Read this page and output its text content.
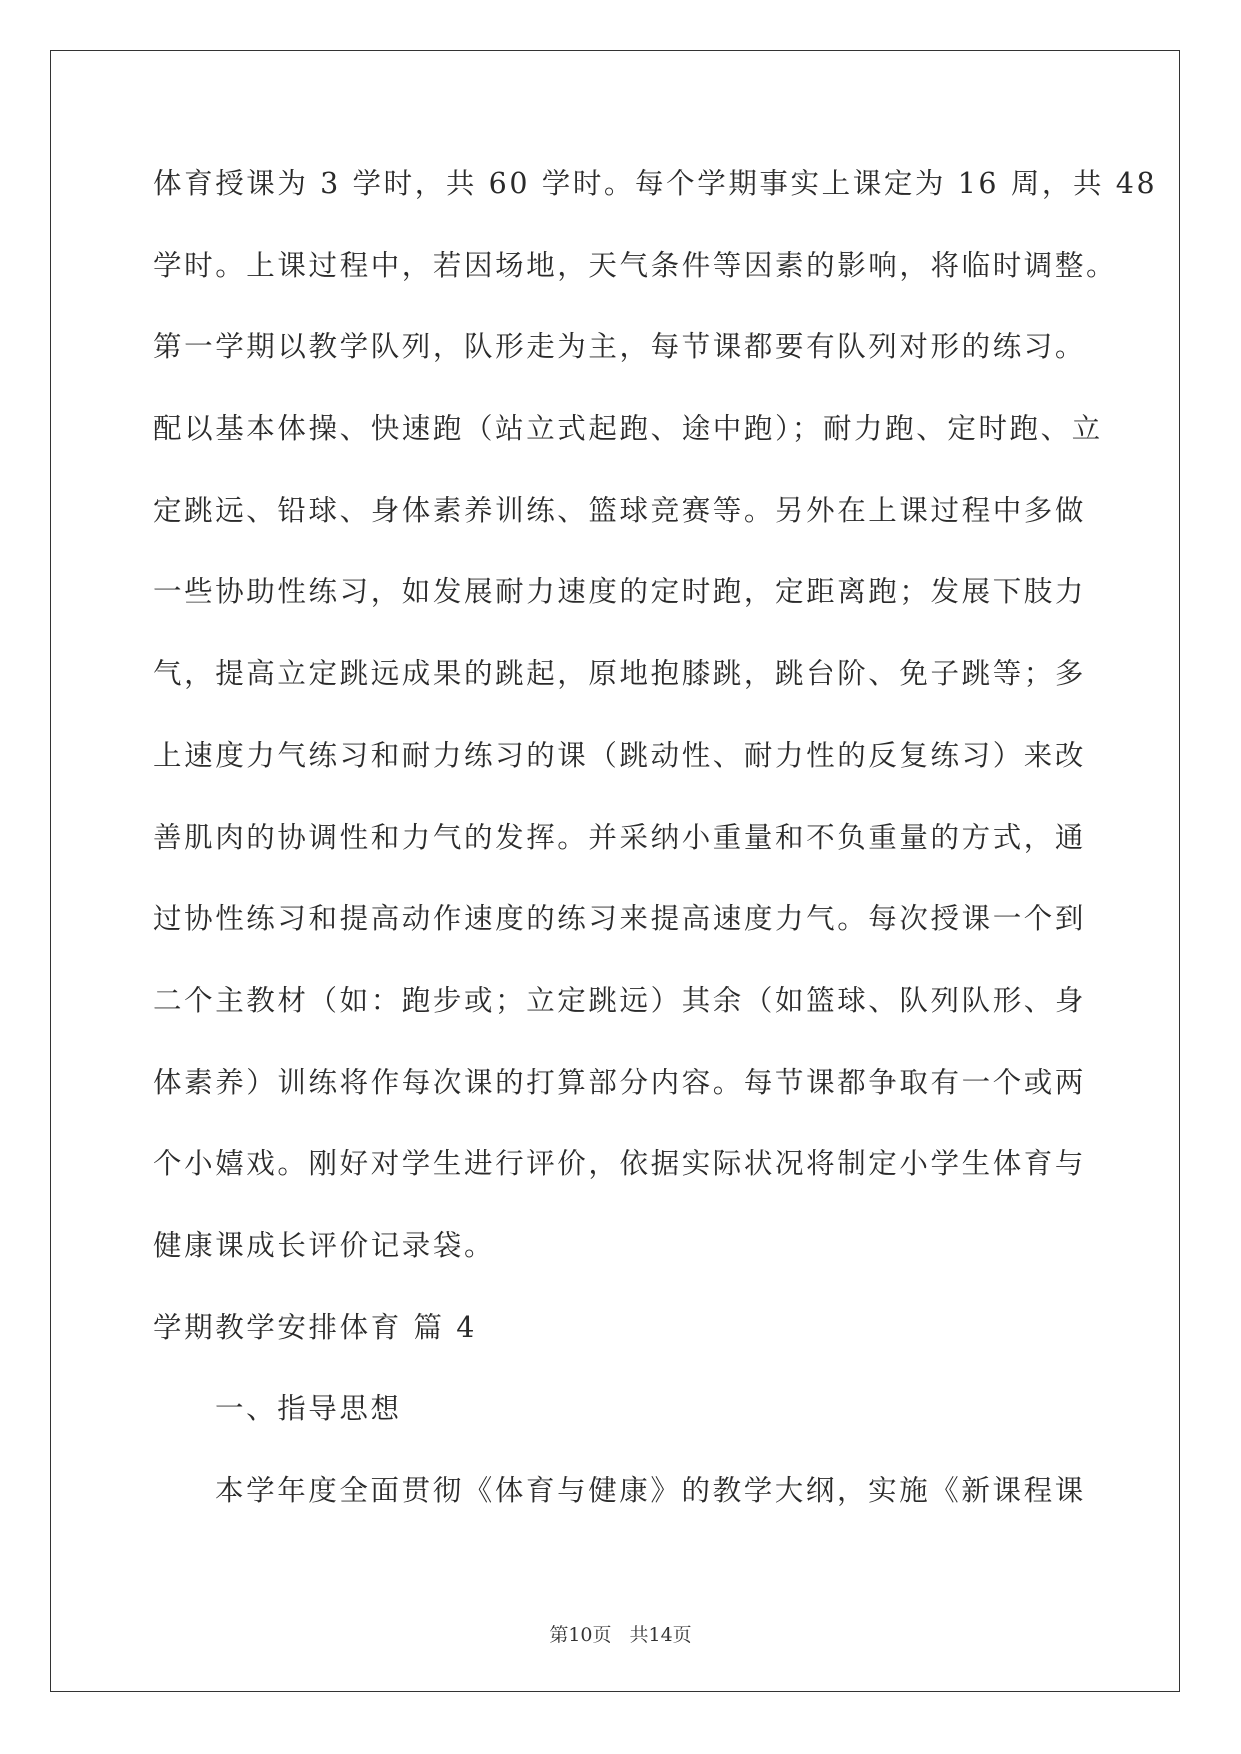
体育授课为 3 学时，共 60 学时。每个学期事实上课定为 16 周，共 48
学时。上课过程中，若因场地，天气条件等因素的影响，将临时调整。
第一学期以教学队列，队形走为主，每节课都要有队列对形的练习。
配以基本体操、快速跑（站立式起跑、途中跑）；耐力跑、定时跑、立
定跳远、铅球、身体素养训练、篮球竞赛等。另外在上课过程中多做
一些协助性练习，如发展耐力速度的定时跑，定距离跑；发展下肢力
气，提高立定跳远成果的跳起，原地抱膝跳，跳台阶、免子跳等；多
上速度力气练习和耐力练习的课（跳动性、耐力性的反复练习）来改
善肌肉的协调性和力气的发挥。并采纳小重量和不负重量的方式，通
过协性练习和提高动作速度的练习来提高速度力气。每次授课一个到
二个主教材（如：跑步或；立定跳远）其余（如篮球、队列队形、身
体素养）训练将作每次课的打算部分内容。每节课都争取有一个或两
个小嬉戏。刚好对学生进行评价，依据实际状况将制定小学生体育与
健康课成长评价记录袋。
学期教学安排体育 篇 4
一、指导思想
本学年度全面贯彻《体育与健康》的教学大纲，实施《新课程课
第10页 共14页
